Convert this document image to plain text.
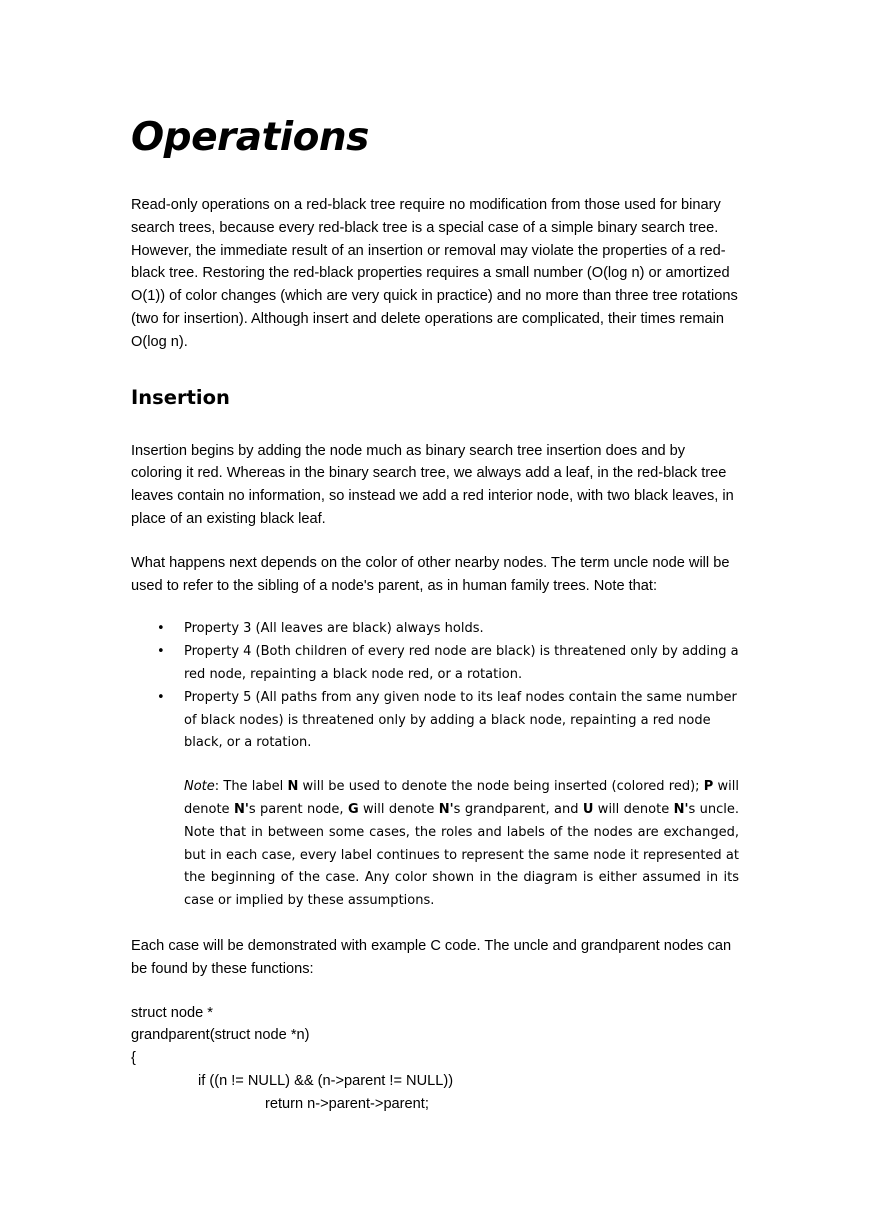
Operations

Read-only operations on a red-black tree require no modification from those used for binary search trees, because every red-black tree is a special case of a simple binary search tree. However, the immediate result of an insertion or removal may violate the properties of a red-black tree. Restoring the red-black properties requires a small number (O(log n) or amortized O(1)) of color changes (which are very quick in practice) and no more than three tree rotations (two for insertion). Although insert and delete operations are complicated, their times remain O(log n).

Insertion

Insertion begins by adding the node much as binary search tree insertion does and by coloring it red. Whereas in the binary search tree, we always add a leaf, in the red-black tree leaves contain no information, so instead we add a red interior node, with two black leaves, in place of an existing black leaf.

What happens next depends on the color of other nearby nodes. The term uncle node will be used to refer to the sibling of a node's parent, as in human family trees. Note that:

• Property 3 (All leaves are black) always holds.
• Property 4 (Both children of every red node are black) is threatened only by adding a red node, repainting a black node red, or a rotation.
• Property 5 (All paths from any given node to its leaf nodes contain the same number of black nodes) is threatened only by adding a black node, repainting a red node black, or a rotation.

Note: The label N will be used to denote the node being inserted (colored red); P will denote N's parent node, G will denote N's grandparent, and U will denote N's uncle. Note that in between some cases, the roles and labels of the nodes are exchanged, but in each case, every label continues to represent the same node it represented at the beginning of the case. Any color shown in the diagram is either assumed in its case or implied by these assumptions.

Each case will be demonstrated with example C code. The uncle and grandparent nodes can be found by these functions:

struct node *
grandparent(struct node *n)
{
if ((n != NULL) && (n->parent != NULL))
return n->parent->parent;
